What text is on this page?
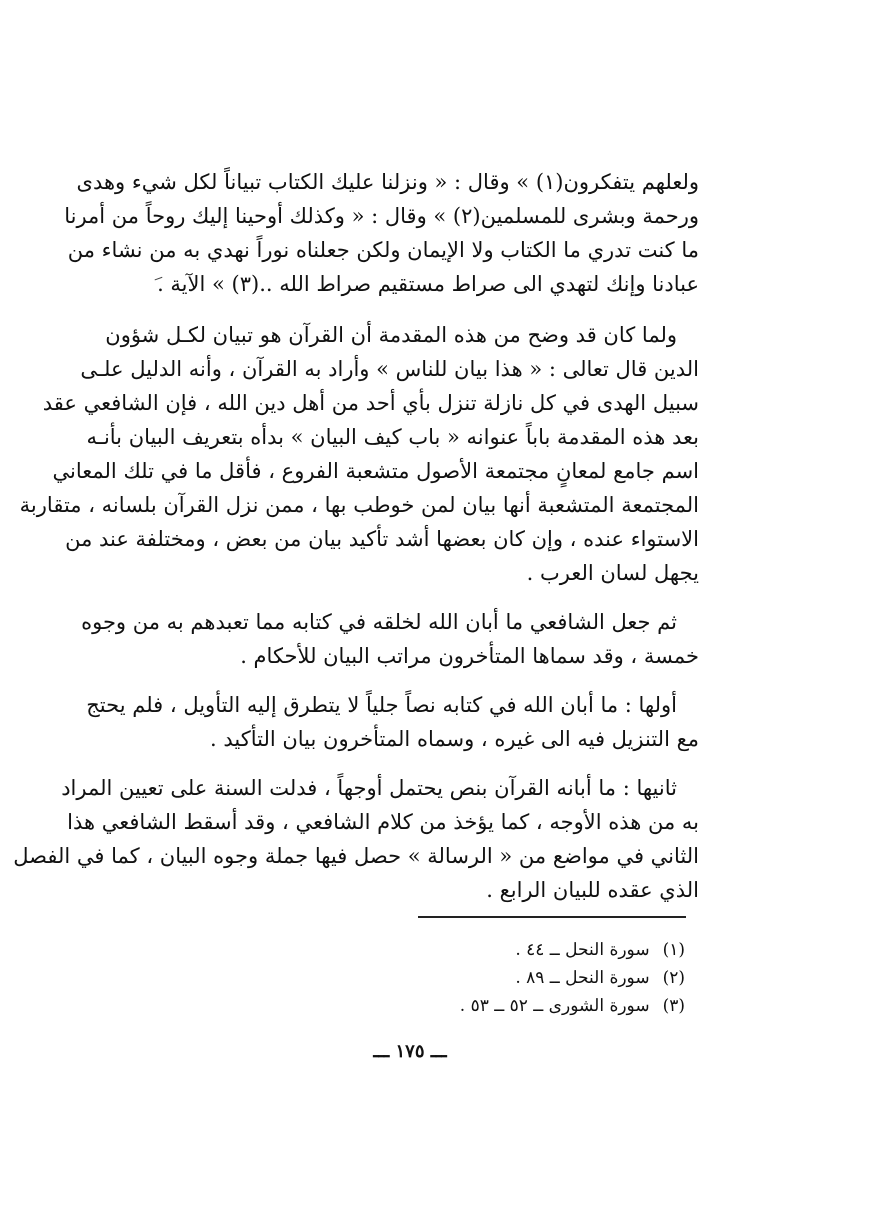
ولعلهم يتفكرون(١) » وقال : « ونزلنا عليك الكتاب تبياناً لكل شيء وهدى
ورحمة وبشرى للمسلمين(٢) » وقال : « وكذلك أوحينا إليك روحاً من أمرنا
ما كنت تدري ما الكتاب ولا الإيمان ولكن جعلناه نوراً نهدي به من نشاء من
عبادنا وإنك لتهدي الى صراط مستقيم صراط الله ..(٣) » الآية .
ولما كان قد وضح من هذه المقدمة أن القرآن هو تبيان لكـل شؤون
الدين قال تعالى : « هذا بيان للناس » وأراد به القرآن ، وأنه الدليل علـى
سبيل الهدى في كل نازلة تنزل بأي أحد من أهل دين الله ، فإن الشافعي عقد
بعد هذه المقدمة باباً عنوانه « باب كيف البيان » بدأه بتعريف البيان بأنـه
اسم جامع لمعانٍ مجتمعة الأصول متشعبة الفروع ، فأقل ما في تلك المعاني
المجتمعة المتشعبة أنها بيان لمن خوطب بها ، ممن نزل القرآن بلسانه ، متقاربة
الاستواء عنده ، وإن كان بعضها أشد تأكيد بيان من بعض ، ومختلفة عند من
يجهل لسان العرب .
ثم جعل الشافعي ما أبان الله لخلقه في كتابه مما تعبدهم به من وجوه
خمسة ، وقد سماها المتأخرون مراتب البيان للأحكام .
أولها : ما أبان الله في كتابه نصاً جلياً لا يتطرق إليه التأويل ، فلم يحتج
مع التنزيل فيه الى غيره ، وسماه المتأخرون بيان التأكيد .
ثانيها : ما أبانه القرآن بنص يحتمل أوجهاً ، فدلت السنة على تعيين المراد
به من هذه الأوجه ، كما يؤخذ من كلام الشافعي ، وقد أسقط الشافعي هذا
الثاني في مواضع من « الرسالة » حصل فيها جملة وجوه البيان ، كما في الفصل
الذي عقده للبيان الرابع .
(١) سورة النحل ــ ٤٤ .
(٢) سورة النحل ــ ٨٩ .
(٣) سورة الشورى ــ ٥٢ ــ ٥٣ .
ـــ ١٧٥ ـــ
